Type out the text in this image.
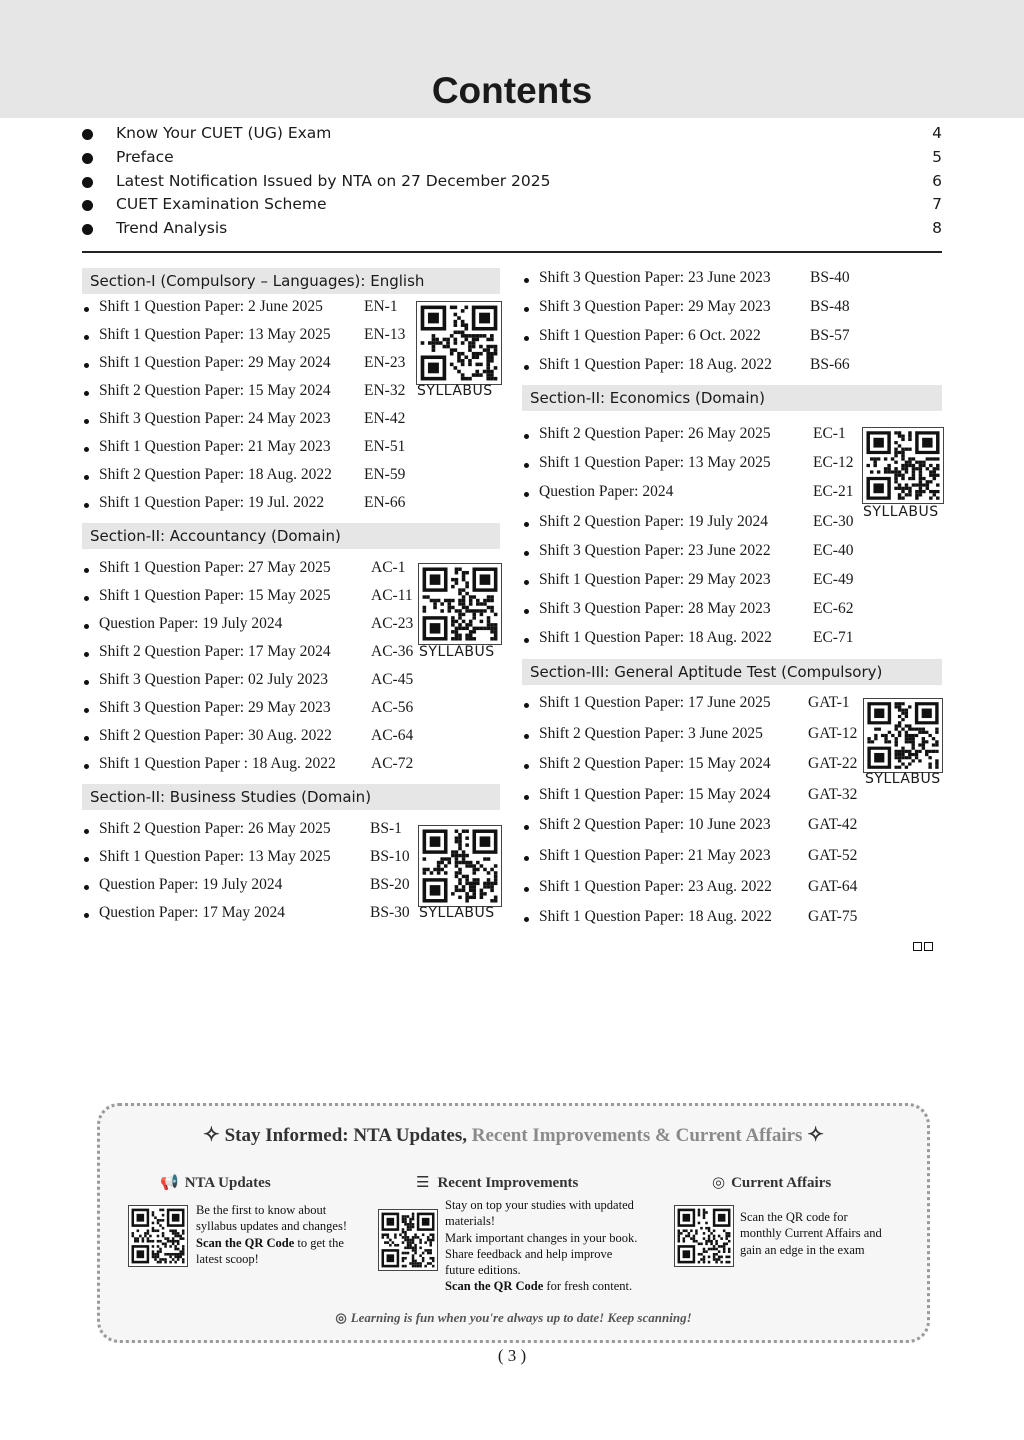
Contents
Know Your CUET (UG) Exam	4
Preface	5
Latest Notification Issued by NTA on 27 December 2025	6
CUET Examination Scheme	7
Trend Analysis	8
Section-I (Compulsory – Languages): English
Shift 1 Question Paper: 2 June 2025	EN-1
Shift 1 Question Paper: 13 May 2025 EN-13
Shift 1 Question Paper: 29 May 2024 EN-23
Shift 2 Question Paper: 15 May 2024 EN-32
Shift 3 Question Paper: 24 May 2023 EN-42
Shift 1 Question Paper: 21 May 2023 EN-51
Shift 2 Question Paper: 18 Aug. 2022 EN-59
Shift 1 Question Paper: 19 Jul. 2022	EN-66
SYLLABUS
Section-II: Accountancy (Domain)
Shift 1 Question Paper: 27 May 2025	AC-1
Shift 1 Question Paper: 15 May 2025	AC-11
Question Paper: 19 July 2024	AC-23
Shift 2 Question Paper: 17 May 2024	AC-36
Shift 3 Question Paper: 02 July 2023	AC-45
Shift 3 Question Paper: 29 May 2023	AC-56
Shift 2 Question Paper: 30 Aug. 2022	AC-64
Shift 1 Question Paper : 18 Aug. 2022 AC-72
SYLLABUS
Section-II: Business Studies (Domain)
Shift 2 Question Paper: 26 May 2025	BS-1
Shift 1 Question Paper: 13 May 2025	BS-10
Question Paper: 19 July 2024	BS-20
Question Paper: 17 May 2024	BS-30 SYLLABUS
Shift 3 Question Paper: 23 June 2023	BS-40
Shift 3 Question Paper: 29 May 2023	BS-48
Shift 1 Question Paper: 6 Oct. 2022	BS-57
Shift 1 Question Paper: 18 Aug. 2022 BS-66
Section-II: Economics (Domain)
Shift 2 Question Paper: 26 May 2025	EC-1
Shift 1 Question Paper: 13 May 2025	EC-12
Question Paper: 2024	EC-21
Shift 2 Question Paper: 19 July 2024	EC-30
Shift 3 Question Paper: 23 June 2022	EC-40
Shift 1 Question Paper: 29 May 2023	EC-49
Shift 3 Question Paper: 28 May 2023	EC-62
Shift 1 Question Paper: 18 Aug. 2022	EC-71
SYLLABUS
Section-III: General Aptitude Test (Compulsory)
Shift 1 Question Paper: 17 June 2025 GAT-1
Shift 2 Question Paper: 3 June 2025	GAT-12
Shift 2 Question Paper: 15 May 2024 GAT-22
Shift 1 Question Paper: 15 May 2024 GAT-32
Shift 2 Question Paper: 10 June 2023 GAT-42
Shift 1 Question Paper: 21 May 2023 GAT-52
Shift 1 Question Paper: 23 Aug. 2022 GAT-64
Shift 1 Question Paper: 18 Aug. 2022 GAT-75
SYLLABUS
✧ Stay Informed: NTA Updates, Recent Improvements & Current Affairs ✧
📢 NTA Updates
Be the first to know about
syllabus updates and changes!
Scan the QR Code to get the
latest scoop!
☰ Recent Improvements
Stay on top your studies with updated
materials!
Mark important changes in your book.
Share feedback and help improve
future editions.
Scan the QR Code for fresh content.
◎ Current Affairs
Scan the QR code for
monthly Current Affairs and
gain an edge in the exam
◎ Learning is fun when you're always up to date! Keep scanning!
( 3 )
